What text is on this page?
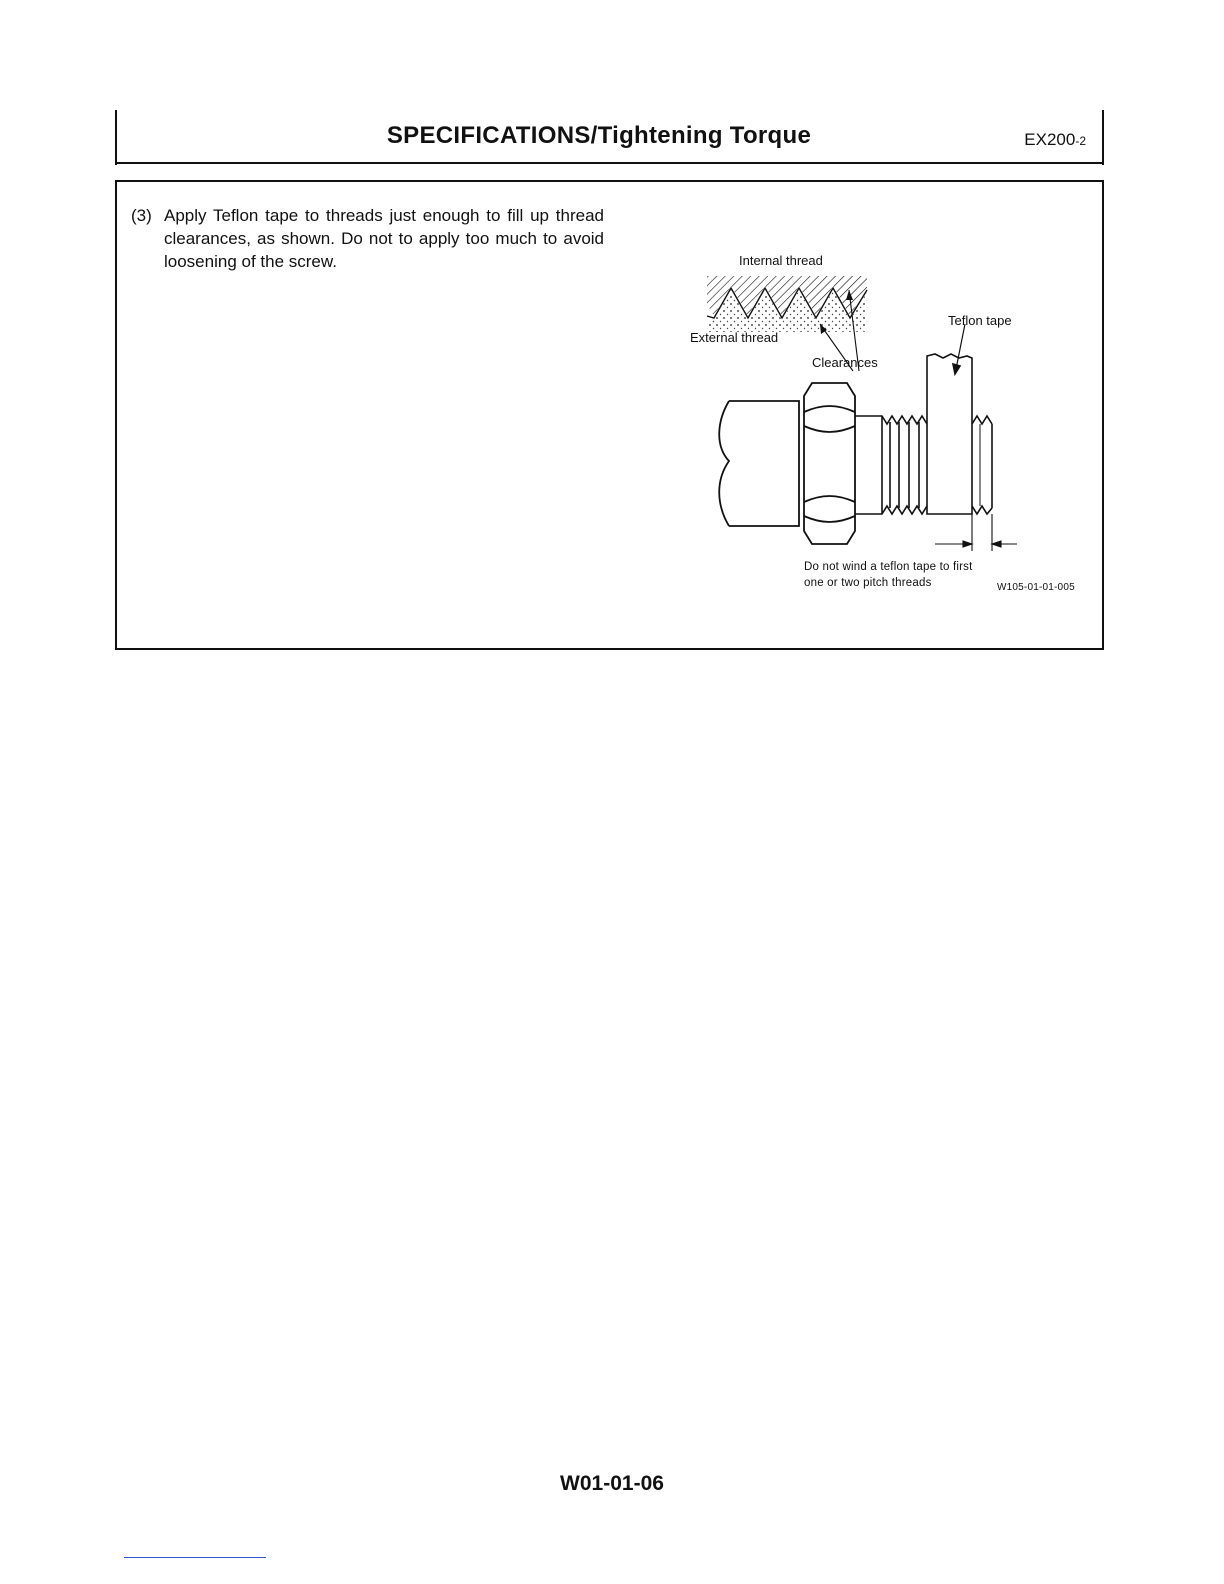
SPECIFICATIONS/Tightening Torque	EX200-2
(3) Apply Teflon tape to threads just enough to fill up thread clearances, as shown. Do not to apply too much to avoid loosening of the screw.	Internal thread
External thread
Clearances
Teflon tape
Do not wind a teflon tape to first
one or two pitch threads	W105-01-01-005
W01-01-06
